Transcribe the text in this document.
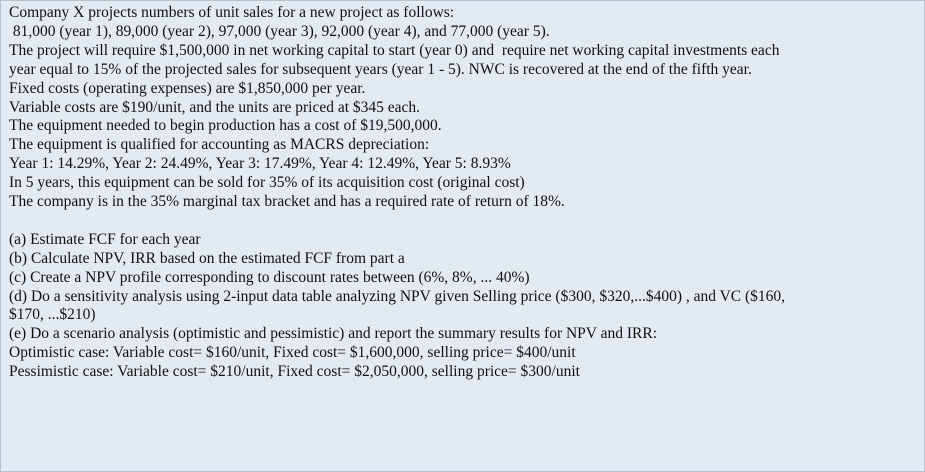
Company X projects numbers of unit sales for a new project as follows:
81,000 (year 1), 89,000 (year 2), 97,000 (year 3), 92,000 (year 4), and 77,000 (year 5).
The project will require $1,500,000 in net working capital to start (year 0) and  require net working capital investments each
year equal to 15% of the projected sales for subsequent years (year 1 - 5). NWC is recovered at the end of the fifth year.
Fixed costs (operating expenses) are $1,850,000 per year.
Variable costs are $190/unit, and the units are priced at $345 each.
The equipment needed to begin production has a cost of $19,500,000.
The equipment is qualified for accounting as MACRS depreciation:
Year 1: 14.29%, Year 2: 24.49%, Year 3: 17.49%, Year 4: 12.49%, Year 5: 8.93%
In 5 years, this equipment can be sold for 35% of its acquisition cost (original cost)
The company is in the 35% marginal tax bracket and has a required rate of return of 18%.
(a) Estimate FCF for each year
(b) Calculate NPV, IRR based on the estimated FCF from part a
(c) Create a NPV profile corresponding to discount rates between (6%, 8%, ... 40%)
(d) Do a sensitivity analysis using 2-input data table analyzing NPV given Selling price ($300, $320,...$400) , and VC ($160,
$170, ...$210)
(e) Do a scenario analysis (optimistic and pessimistic) and report the summary results for NPV and IRR:
Optimistic case: Variable cost= $160/unit, Fixed cost= $1,600,000, selling price= $400/unit
Pessimistic case: Variable cost= $210/unit, Fixed cost= $2,050,000, selling price= $300/unit
